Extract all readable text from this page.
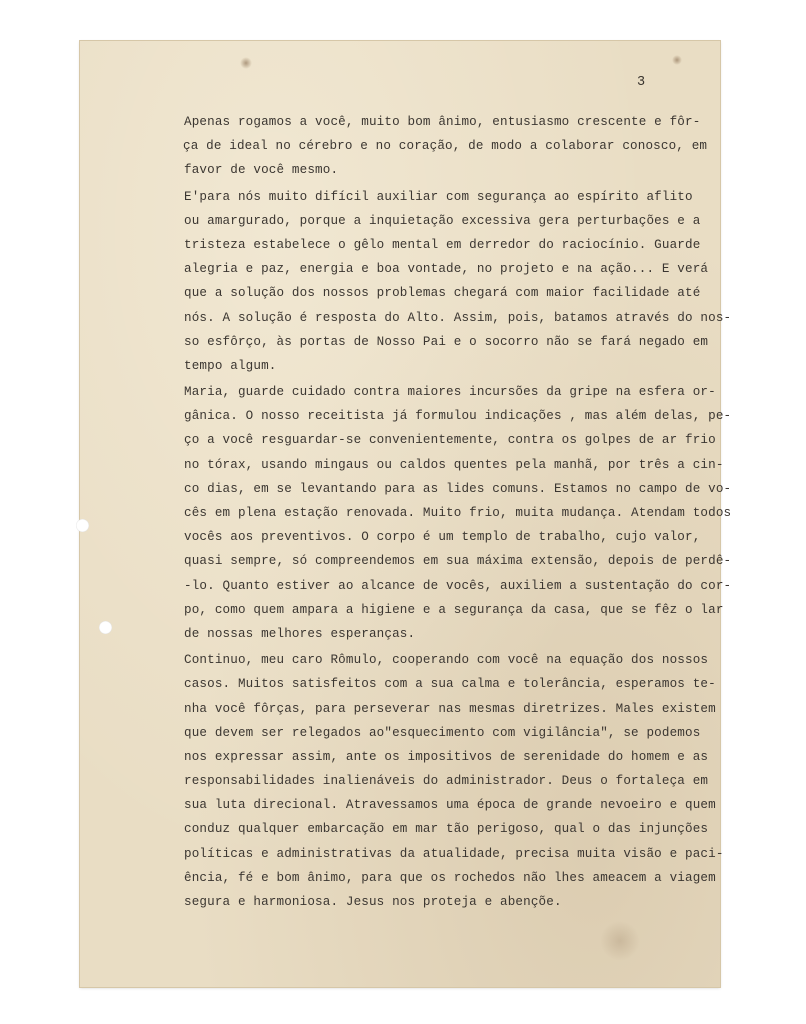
3
Apenas rogamos a você, muito bom ânimo, entusiasmo crescente e fôr-
ça de ideal no cérebro e no coração, de modo a colaborar conosco, em
favor de você mesmo.
E'para nós muito difícil auxiliar com segurança ao espírito aflito
ou amargurado, porque a inquietação excessiva gera perturbações e a
tristeza estabelece o gêlo mental em derredor do raciocínio. Guarde
alegria e paz, energia e boa vontade, no projeto e na ação... E verá
que a solução dos nossos problemas chegará com maior facilidade até
nós. A solução é resposta do Alto. Assim, pois, batamos através do nos-
so esfôrço, às portas de Nosso Pai e o socorro não se fará negado em
tempo algum.
Maria, guarde cuidado contra maiores incursões da gripe na esfera or-
gânica. O nosso receitista já formulou indicações , mas além delas, pe-
ço a você resguardar-se convenientemente, contra os golpes de ar frio
no tórax, usando mingaus ou caldos quentes pela manhã, por três a cin-
co dias, em se levantando para as lides comuns. Estamos no campo de vo-
cês em plena estação renovada. Muito frio, muita mudança. Atendam todos
vocês aos preventivos. O corpo é um templo de trabalho, cujo valor,
quasi sempre, só compreendemos em sua máxima extensão, depois de perdê-
-lo. Quanto estiver ao alcance de vocês, auxiliem a sustentação do cor-
po, como quem ampara a higiene e a segurança da casa, que se fêz o lar
de nossas melhores esperanças.
Continuo, meu caro Rômulo, cooperando com você na equação dos nossos
casos. Muitos satisfeitos com a sua calma e tolerância, esperamos te-
nha você fôrças, para perseverar nas mesmas diretrizes. Males existem
que devem ser relegados ao"esquecimento com vigilância", se podemos
nos expressar assim, ante os impositivos de serenidade do homem e as
responsabilidades inalienáveis do administrador. Deus o fortaleça em
sua luta direcional. Atravessamos uma época de grande nevoeiro e quem
conduz qualquer embarcação em mar tão perigoso, qual o das injunções
políticas e administrativas da atualidade, precisa muita visão e paci-
ência, fé e bom ânimo, para que os rochedos não lhes ameacem a viagem
segura e harmoniosa. Jesus nos proteja e abençõe.
